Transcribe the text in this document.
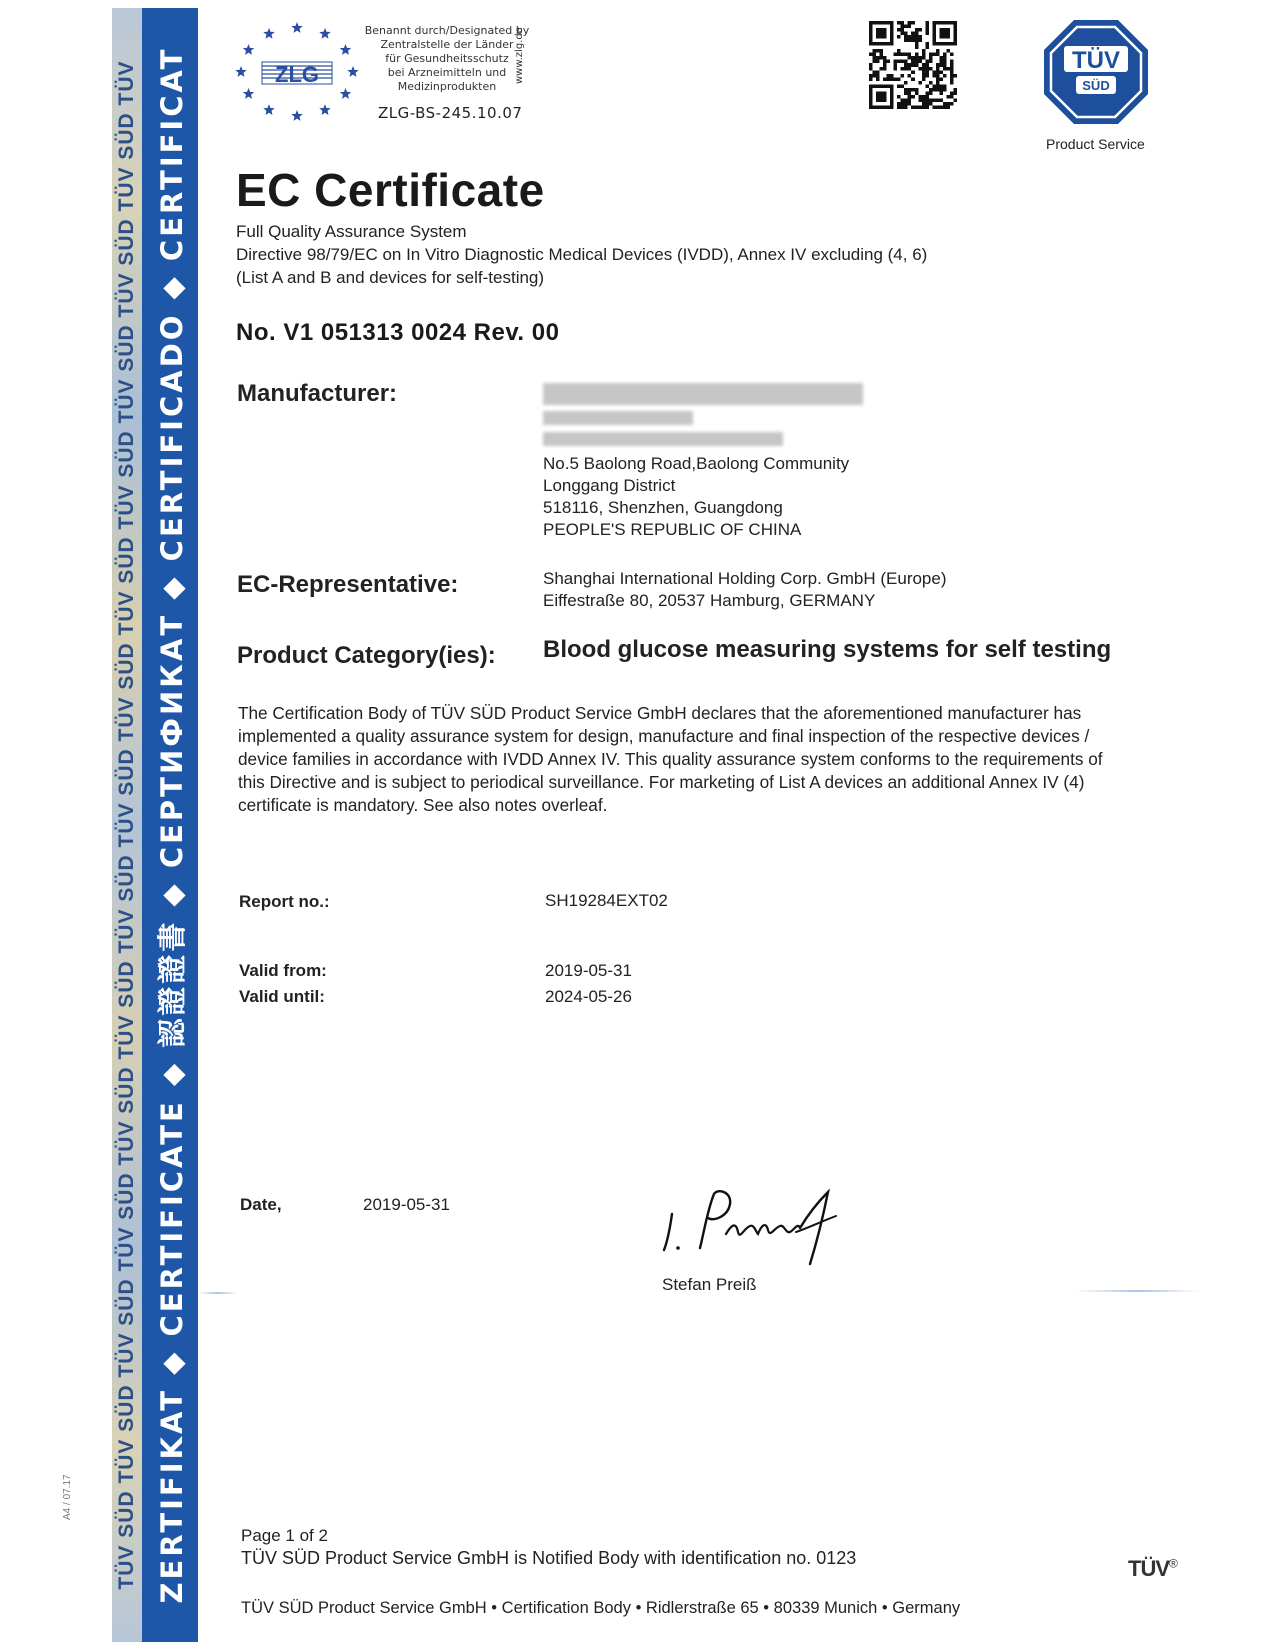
TÜV SÜD TÜV SÜD TÜV SÜD TÜV SÜD TÜV SÜD TÜV SÜD TÜV SÜD TÜV SÜD TÜV SÜD TÜV SÜD TÜV SÜD TÜV SÜD TÜV SÜD TÜV SÜD TÜV ZERTIFIKAT ◆ CERTIFICATE ◆ 認證證書 ◆ СЕРТИФИКАТ ◆ CERTIFICADO ◆ CERTIFICAT
A4 / 07.17
ZLG
Benannt durch/Designated by
Zentralstelle der Länder
für Gesundheitsschutz
bei Arzneimitteln und
Medizinprodukten
www.zlg.de
ZLG-BS-245.10.07
TÜV
SÜD
Product Service
EC Certificate
Full Quality Assurance System
Directive 98/79/EC on In Vitro Diagnostic Medical Devices (IVDD), Annex IV excluding (4, 6)
(List A and B and devices for self-testing)
No. V1 051313 0024 Rev. 00
Manufacturer:
No.5 Baolong Road,Baolong Community
Longgang District
518116, Shenzhen, Guangdong
PEOPLE'S REPUBLIC OF CHINA
EC-Representative:	Shanghai International Holding Corp. GmbH (Europe)
Eiffestraße 80, 20537 Hamburg, GERMANY
Product Category(ies): Blood glucose measuring systems for self testing
The Certification Body of TÜV SÜD Product Service GmbH declares that the aforementioned manufacturer has implemented a quality assurance system for design, manufacture and final inspection of the respective devices / device families in accordance with IVDD Annex IV. This quality assurance system conforms to the requirements of this Directive and is subject to periodical surveillance. For marketing of List A devices an additional Annex IV (4) certificate is mandatory. See also notes overleaf.
Report no.:	SH19284EXT02
Valid from:	2019-05-31
Valid until:	2024-05-26
Date,	2019-05-31
Stefan Preiß
Page 1 of 2
TÜV SÜD Product Service GmbH is Notified Body with identification no. 0123	TÜV®
TÜV SÜD Product Service GmbH • Certification Body • Ridlerstraße 65 • 80339 Munich • Germany
